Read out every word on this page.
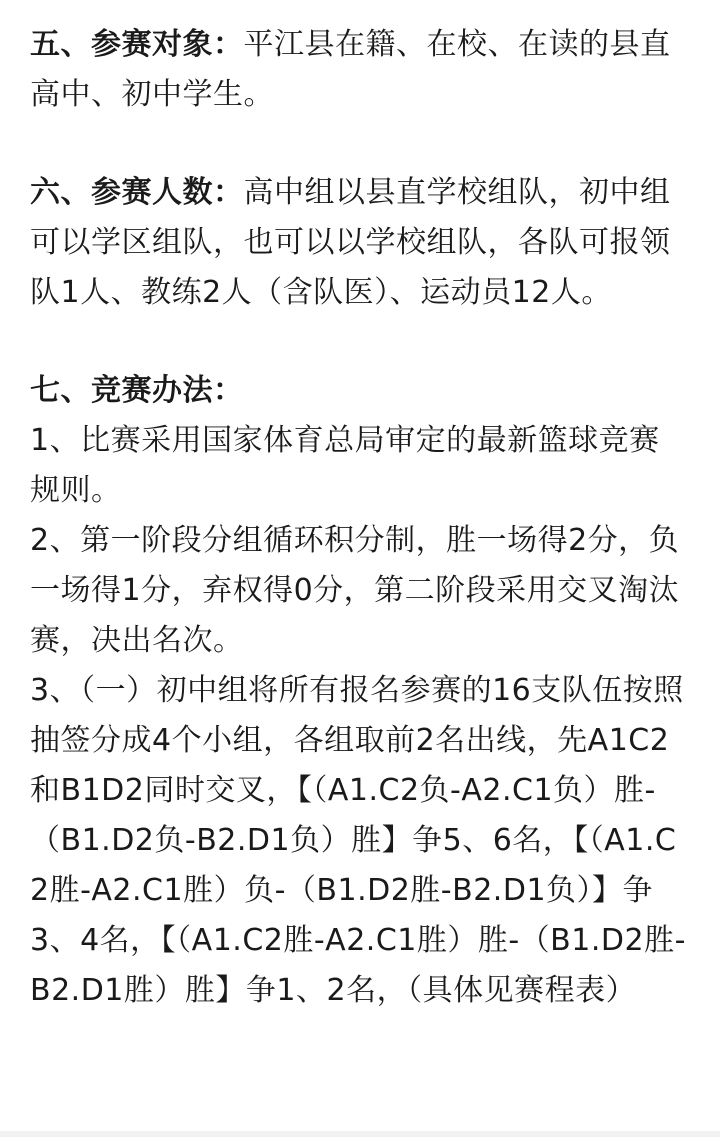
五、参赛对象：平江县在籍、在校、在读的县直高中、初中学生。

六、参赛人数：高中组以县直学校组队，初中组可以学区组队，也可以以学校组队，各队可报领队1人、教练2人（含队医）、运动员12人。

七、竞赛办法：

1、比赛采用国家体育总局审定的最新篮球竞赛规则。

2、第一阶段分组循环积分制，胜一场得2分，负一场得1分，弃权得0分，第二阶段采用交叉淘汰赛，决出名次。

3、（一）初中组将所有报名参赛的16支队伍按照抽签分成4个小组，各组取前2名出线，先A1C2和B1D2同时交叉，【（A1.C2负-A2.C1负）胜-（B1.D2负-B2.D1负）胜】争5、6名，【（A1.C2胜-A2.C1胜）负-（B1.D2胜-B2.D1负）】争3、4名，【（A1.C2胜-A2.C1胜）胜-（B1.D2胜-B2.D1胜）胜】争1、2名，（具体见赛程表）
